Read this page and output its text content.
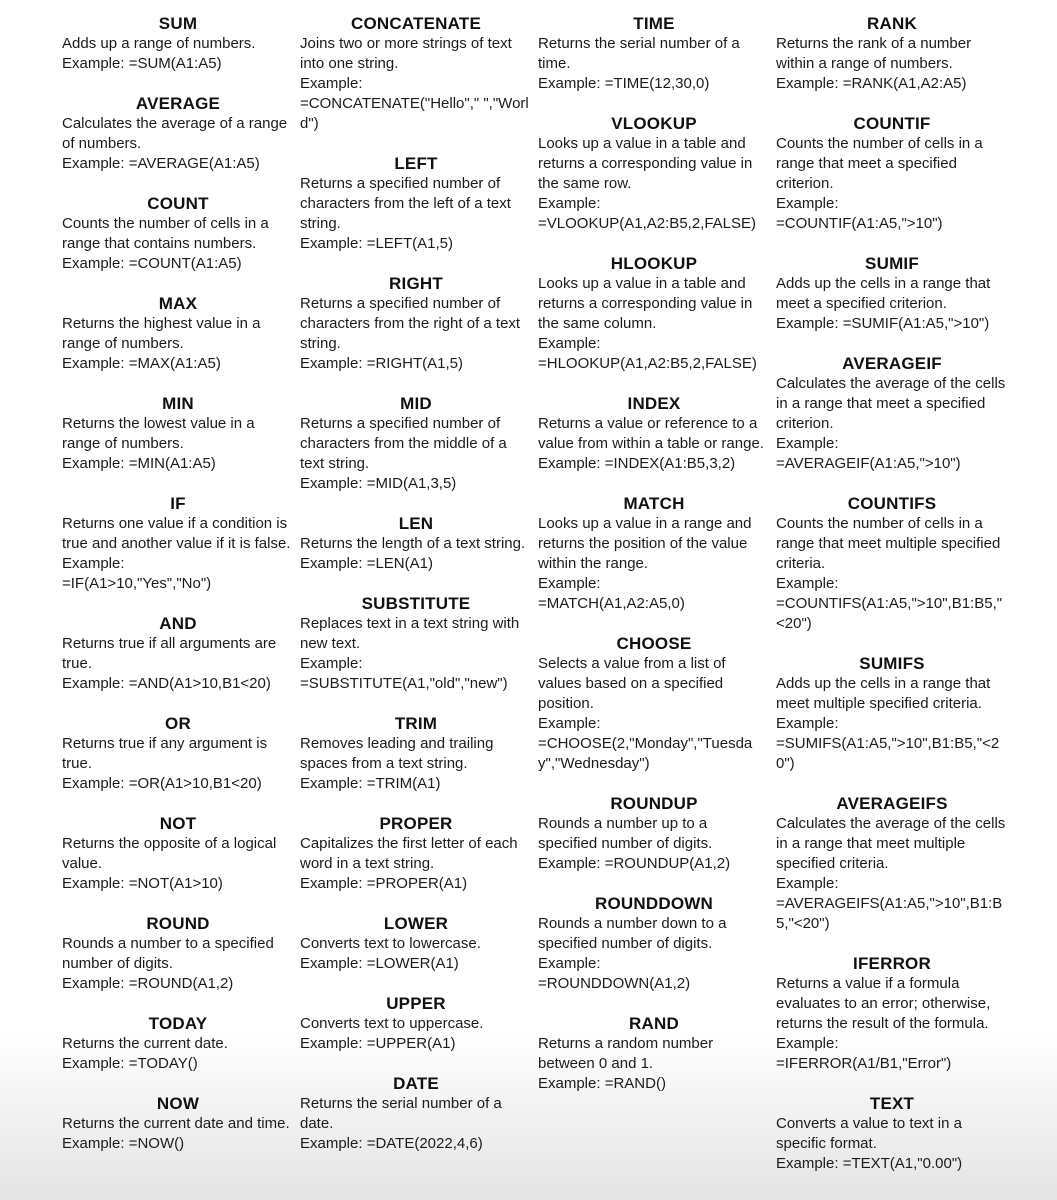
SUM
Adds up a range of numbers.
Example: =SUM(A1:A5)
AVERAGE
Calculates the average of a range of numbers.
Example: =AVERAGE(A1:A5)
COUNT
Counts the number of cells in a range that contains numbers.
Example: =COUNT(A1:A5)
MAX
Returns the highest value in a range of numbers.
Example: =MAX(A1:A5)
MIN
Returns the lowest value in a range of numbers.
Example: =MIN(A1:A5)
IF
Returns one value if a condition is true and another value if it is false.
Example:
=IF(A1>10,"Yes","No")
AND
Returns true if all arguments are true.
Example: =AND(A1>10,B1<20)
OR
Returns true if any argument is true.
Example: =OR(A1>10,B1<20)
NOT
Returns the opposite of a logical value.
Example: =NOT(A1>10)
ROUND
Rounds a number to a specified number of digits.
Example: =ROUND(A1,2)
TODAY
Returns the current date.
Example: =TODAY()
NOW
Returns the current date and time.
Example: =NOW()
CONCATENATE
Joins two or more strings of text into one string.
Example:
=CONCATENATE("Hello"," ","World")
LEFT
Returns a specified number of characters from the left of a text string.
Example: =LEFT(A1,5)
RIGHT
Returns a specified number of characters from the right of a text string.
Example: =RIGHT(A1,5)
MID
Returns a specified number of characters from the middle of a text string.
Example: =MID(A1,3,5)
LEN
Returns the length of a text string.
Example: =LEN(A1)
SUBSTITUTE
Replaces text in a text string with new text.
Example:
=SUBSTITUTE(A1,"old","new")
TRIM
Removes leading and trailing spaces from a text string.
Example: =TRIM(A1)
PROPER
Capitalizes the first letter of each word in a text string.
Example: =PROPER(A1)
LOWER
Converts text to lowercase.
Example: =LOWER(A1)
UPPER
Converts text to uppercase.
Example: =UPPER(A1)
DATE
Returns the serial number of a date.
Example: =DATE(2022,4,6)
TIME
Returns the serial number of a time.
Example: =TIME(12,30,0)
VLOOKUP
Looks up a value in a table and returns a corresponding value in the same row.
Example:
=VLOOKUP(A1,A2:B5,2,FALSE)
HLOOKUP
Looks up a value in a table and returns a corresponding value in the same column.
Example:
=HLOOKUP(A1,A2:B5,2,FALSE)
INDEX
Returns a value or reference to a value from within a table or range.
Example: =INDEX(A1:B5,3,2)
MATCH
Looks up a value in a range and returns the position of the value within the range.
Example:
=MATCH(A1,A2:A5,0)
CHOOSE
Selects a value from a list of values based on a specified position.
Example:
=CHOOSE(2,"Monday","Tuesday","Wednesday")
ROUNDUP
Rounds a number up to a specified number of digits.
Example: =ROUNDUP(A1,2)
ROUNDDOWN
Rounds a number down to a specified number of digits.
Example:
=ROUNDDOWN(A1,2)
RAND
Returns a random number between 0 and 1.
Example: =RAND()
RANK
Returns the rank of a number within a range of numbers.
Example: =RANK(A1,A2:A5)
COUNTIF
Counts the number of cells in a range that meet a specified criterion.
Example:
=COUNTIF(A1:A5,">10")
SUMIF
Adds up the cells in a range that meet a specified criterion.
Example: =SUMIF(A1:A5,">10")
AVERAGEIF
Calculates the average of the cells in a range that meet a specified criterion.
Example:
=AVERAGEIF(A1:A5,">10")
COUNTIFS
Counts the number of cells in a range that meet multiple specified criteria.
Example:
=COUNTIFS(A1:A5,">10",B1:B5,"<20")
SUMIFS
Adds up the cells in a range that meet multiple specified criteria.
Example:
=SUMIFS(A1:A5,">10",B1:B5,"<20")
AVERAGEIFS
Calculates the average of the cells in a range that meet multiple specified criteria.
Example:
=AVERAGEIFS(A1:A5,">10",B1:B5,"<20")
IFERROR
Returns a value if a formula evaluates to an error; otherwise, returns the result of the formula.
Example:
=IFERROR(A1/B1,"Error")
TEXT
Converts a value to text in a specific format.
Example: =TEXT(A1,"0.00")
